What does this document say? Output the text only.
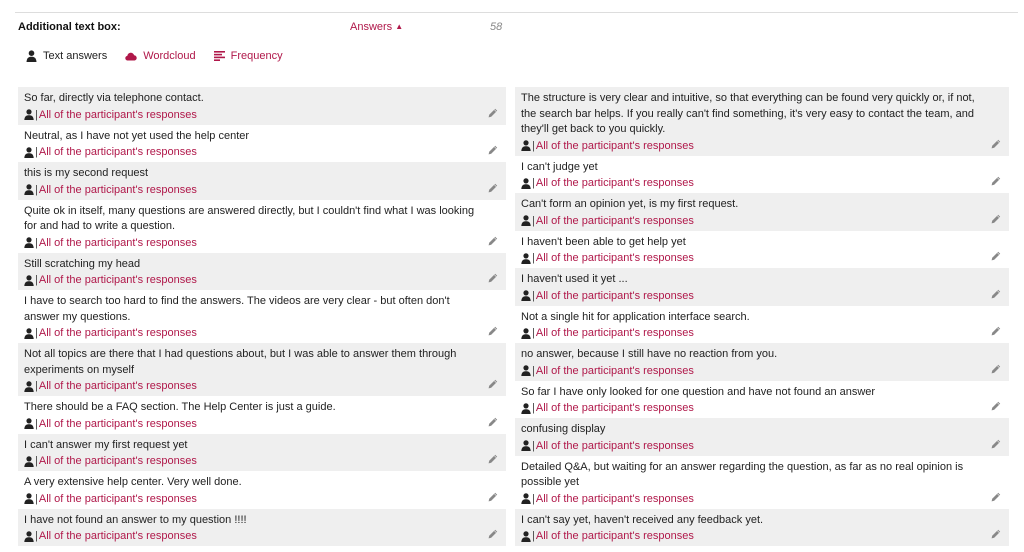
Additional text box:	Answers ▲	58
Text answers	Wordcloud	Frequency
So far, directly via telephone contact.
| All of the participant's responses
Neutral, as I have not yet used the help center
| All of the participant's responses
this is my second request
| All of the participant's responses
Quite ok in itself, many questions are answered directly, but I couldn't find what I was looking for and had to write a question.
| All of the participant's responses
Still scratching my head
| All of the participant's responses
I have to search too hard to find the answers. The videos are very clear - but often don't answer my questions.
| All of the participant's responses
Not all topics are there that I had questions about, but I was able to answer them through experiments on myself
| All of the participant's responses
There should be a FAQ section. The Help Center is just a guide.
| All of the participant's responses
I can't answer my first request yet
| All of the participant's responses
A very extensive help center. Very well done.
| All of the participant's responses
I have not found an answer to my question !!!!
| All of the participant's responses
The structure is very clear and intuitive, so that everything can be found very quickly or, if not, the search bar helps. If you really can't find something, it's very easy to contact the team, and they'll get back to you quickly.
| All of the participant's responses
I can't judge yet
| All of the participant's responses
Can't form an opinion yet, is my first request.
| All of the participant's responses
I haven't been able to get help yet
| All of the participant's responses
I haven't used it yet ...
| All of the participant's responses
Not a single hit for application interface search.
| All of the participant's responses
no answer, because I still have no reaction from you.
| All of the participant's responses
So far I have only looked for one question and have not found an answer
| All of the participant's responses
confusing display
| All of the participant's responses
Detailed Q&A, but waiting for an answer regarding the question, as far as no real opinion is possible yet
| All of the participant's responses
I can't say yet, haven't received any feedback yet.
| All of the participant's responses
